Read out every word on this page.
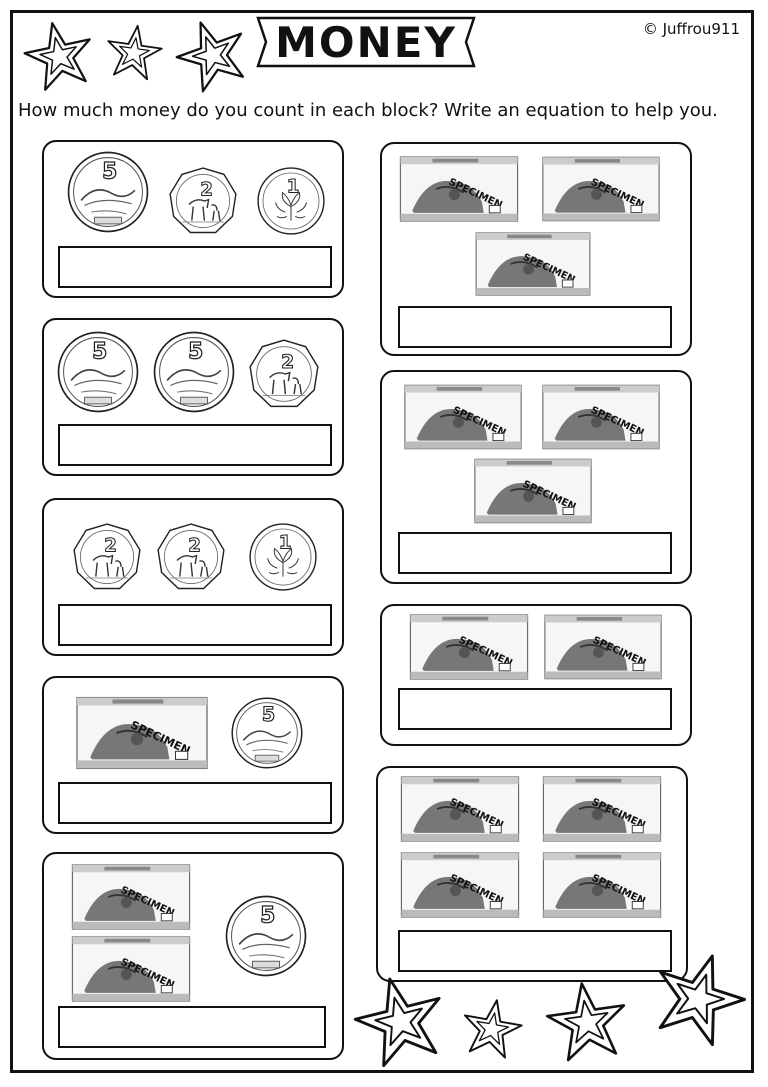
MONEY	© Juffrou911
How much money do you count in each block? Write an equation to help you.
